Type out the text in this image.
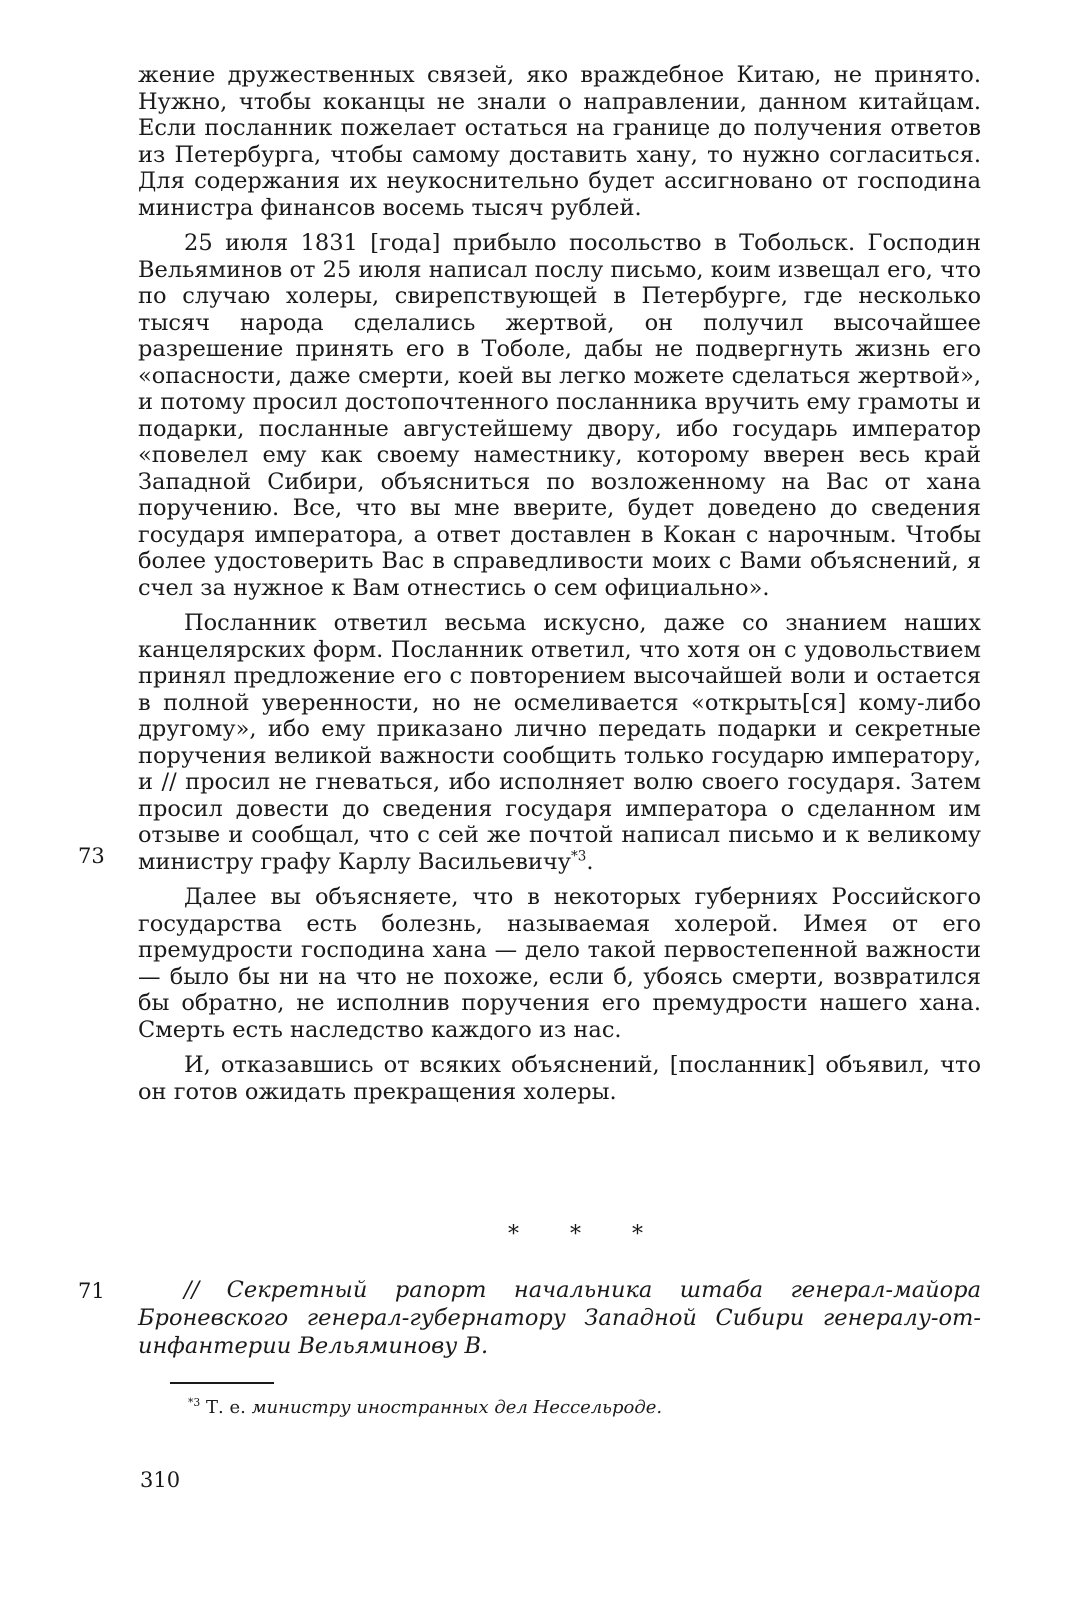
жение дружественных связей, яко враждебное Китаю, не принято. Нужно, чтобы коканцы не знали о направлении, данном китайцам. Если посланник пожелает остаться на границе до получения ответов из Петербурга, чтобы самому доставить хану, то нужно согласиться. Для содержания их неукоснительно будет ассигновано от господина министра финансов восемь тысяч рублей.

25 июля 1831 [года] прибыло посольство в Тобольск. Господин Вельяминов от 25 июля написал послу письмо, коим извещал его, что по случаю холеры, свирепствующей в Петербурге, где несколько тысяч народа сделались жертвой, он получил высочайшее разрешение принять его в Тоболе, дабы не подвергнуть жизнь его «опасности, даже смерти, коей вы легко можете сделаться жертвой», и потому просил достопочтенного посланника вручить ему грамоты и подарки, посланные августейшему двору, ибо государь император «повелел ему как своему наместнику, которому вверен весь край Западной Сибири, объясниться по возложенному на Вас от хана поручению. Все, что вы мне вверите, будет доведено до сведения государя императора, а ответ доставлен в Кокан с нарочным. Чтобы более удостоверить Вас в справедливости моих с Вами объяснений, я счел за нужное к Вам отнестись о сем официально».

Посланник ответил весьма искусно, даже со знанием наших канцелярских форм. Посланник ответил, что хотя он с удовольствием принял предложение его с повторением высочайшей воли и остается в полной уверенности, но не осмеливается «открыть[ся] кому-либо другому», ибо ему приказано лично передать подарки и секретные поручения великой важности сообщить только государю императору, и // просил не гневаться, ибо исполняет волю своего государя. Затем просил довести до сведения государя императора о сделанном им отзыве и сообщал, что с сей же почтой написал письмо и к великому министру графу Карлу Васильевичу$^{*3}$.

Далее вы объясняете, что в некоторых губерниях Российского государства есть болезнь, называемая холерой. Имея от его премудрости господина хана — дело такой первостепенной важности — было бы ни на что не похоже, если б, убоясь смерти, возвратился бы обратно, не исполнив поручения его премудрости нашего хана. Смерть есть наследство каждого из нас.

И, отказавшись от всяких объяснений, [посланник] объявил, что он готов ожидать прекращения холеры.

73
* * *
71	// Секретный рапорт начальника штаба генерал-майора Броневского генерал-губернатору Западной Сибири генералу-от-инфантерии Вельяминову В.

$^{*3}$ Т. е. министру иностранных дел Нессельроде.
310
